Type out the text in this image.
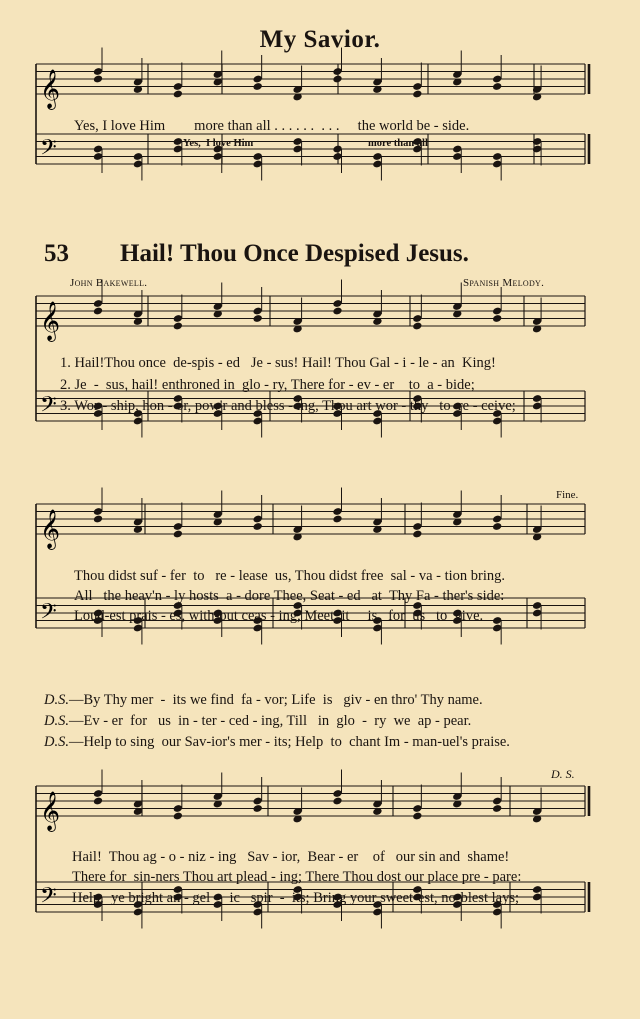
𝄞
𝄢
𝄞
𝄢
𝄞
𝄢
𝄞
𝄢
My Savior.
Yes, I love Him        more than all . . . . . .  . . .     the world be - side.
Yes,  I love Him	more than all
53 Hail! Thou Once Despised Jesus.
John Bakewell.	Spanish Melody.
1. Hail!Thou once  de-spis - ed   Je - sus! Hail! Thou Gal - i - le - an  King!
2. Je  -  sus, hail! enthroned in  glo - ry, There for - ev - er    to  a - bide;
3. Wor - ship, hon - or, pow'r and bless - ing, Thou art wor - thy   to  re - ceive;
Fine.
Thou didst suf - fer  to   re - lease  us, Thou didst free  sal - va - tion bring.
All   the heav'n - ly hosts  a - dore Thee, Seat - ed   at  Thy Fa - ther's side:
Loud-est prais - es, with-out ceas - ing, Meet  it     is   for  us   to  give.
D.S.—By Thy mer  -  its we find  fa - vor; Life  is   giv - en thro' Thy name.
D.S.—Ev - er  for   us  in - ter - ced - ing, Till   in  glo  -  ry  we  ap - pear.
D.S.—Help to sing  our Sav-ior's mer - its; Help  to  chant Im - man-uel's praise.
D. S.
Hail!  Thou ag - o - niz - ing   Sav - ior,  Bear - er    of   our sin and  shame!
There for  sin-ners Thou art plead - ing; There Thou dost our place pre - pare:
Help,  ye bright an - gel  -  ic   spir  -  its; Bring your sweet-est, no-blest lays;
